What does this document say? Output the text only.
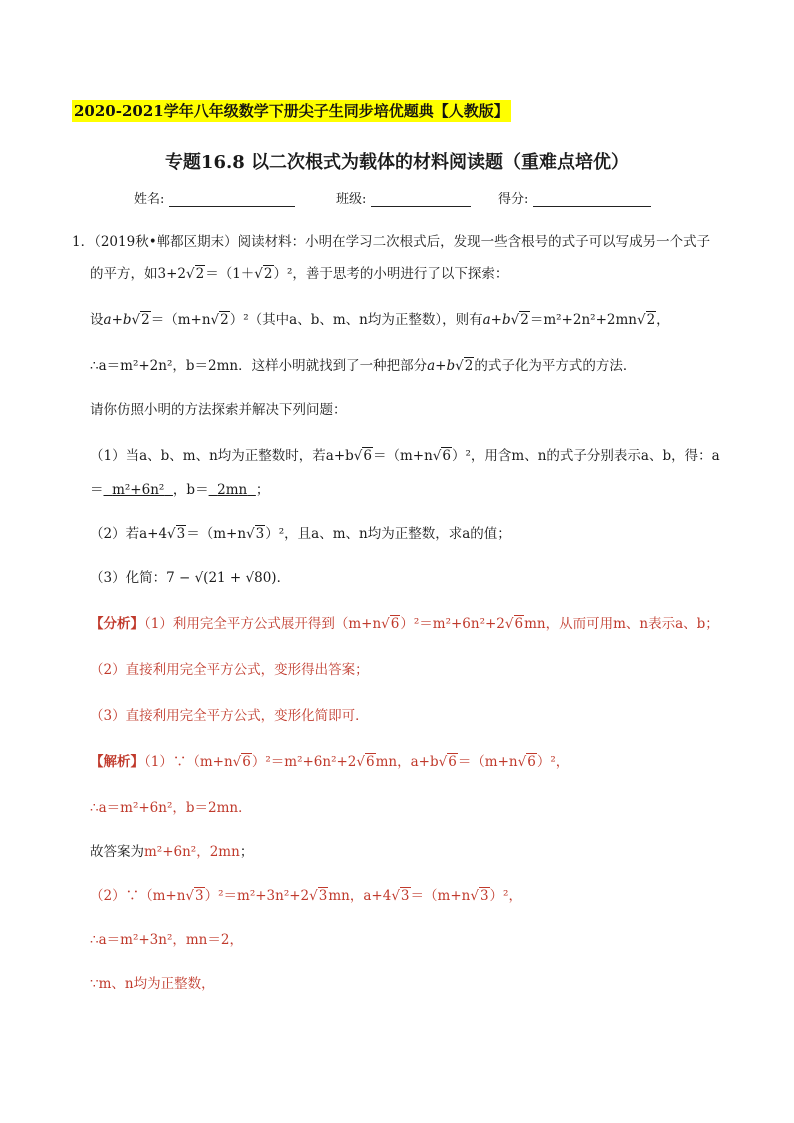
2020-2021学年八年级数学下册尖子生同步培优题典【人教版】
专题16.8 以二次根式为载体的材料阅读题（重难点培优）
姓名:	班级:	得分:
1．（2019秋•郸都区期末）阅读材料：小明在学习二次根式后，发现一些含根号的式子可以写成另一个式子
的平方，如3+2√2＝（1＋√2）²，善于思考的小明进行了以下探索：
设a+b√2＝（m+n√2）²（其中a、b、m、n均为正整数），则有a+b√2＝m²+2n²+2mn√2，
∴a＝m²+2n²，b＝2mn．这样小明就找到了一种把部分a+b√2的式子化为平方式的方法．
请你仿照小明的方法探索并解决下列问题：
（1）当a、b、m、n均为正整数时，若a+b√6＝（m+n√6）²，用含m、n的式子分别表示a、b，得：a
＝ m²+6n² ，b＝ 2mn ；
（2）若a+4√3＝（m+n√3）²，且a、m、n均为正整数，求a的值；
（3）化简：7 − √(21 + √80)．
【分析】（1）利用完全平方公式展开得到（m+n√6）²＝m²+6n²+2√6mn，从而可用m、n表示a、b；
（2）直接利用完全平方公式，变形得出答案；
（3）直接利用完全平方公式，变形化简即可．
【解析】（1）∵（m+n√6）²＝m²+6n²+2√6mn，a+b√6＝（m+n√6）²，
∴a＝m²+6n²，b＝2mn．
故答案为m²+6n²，2mn；
（2）∵（m+n√3）²＝m²+3n²+2√3mn，a+4√3＝（m+n√3）²，
∴a＝m²+3n²，mn＝2，
∵m、n均为正整数，
